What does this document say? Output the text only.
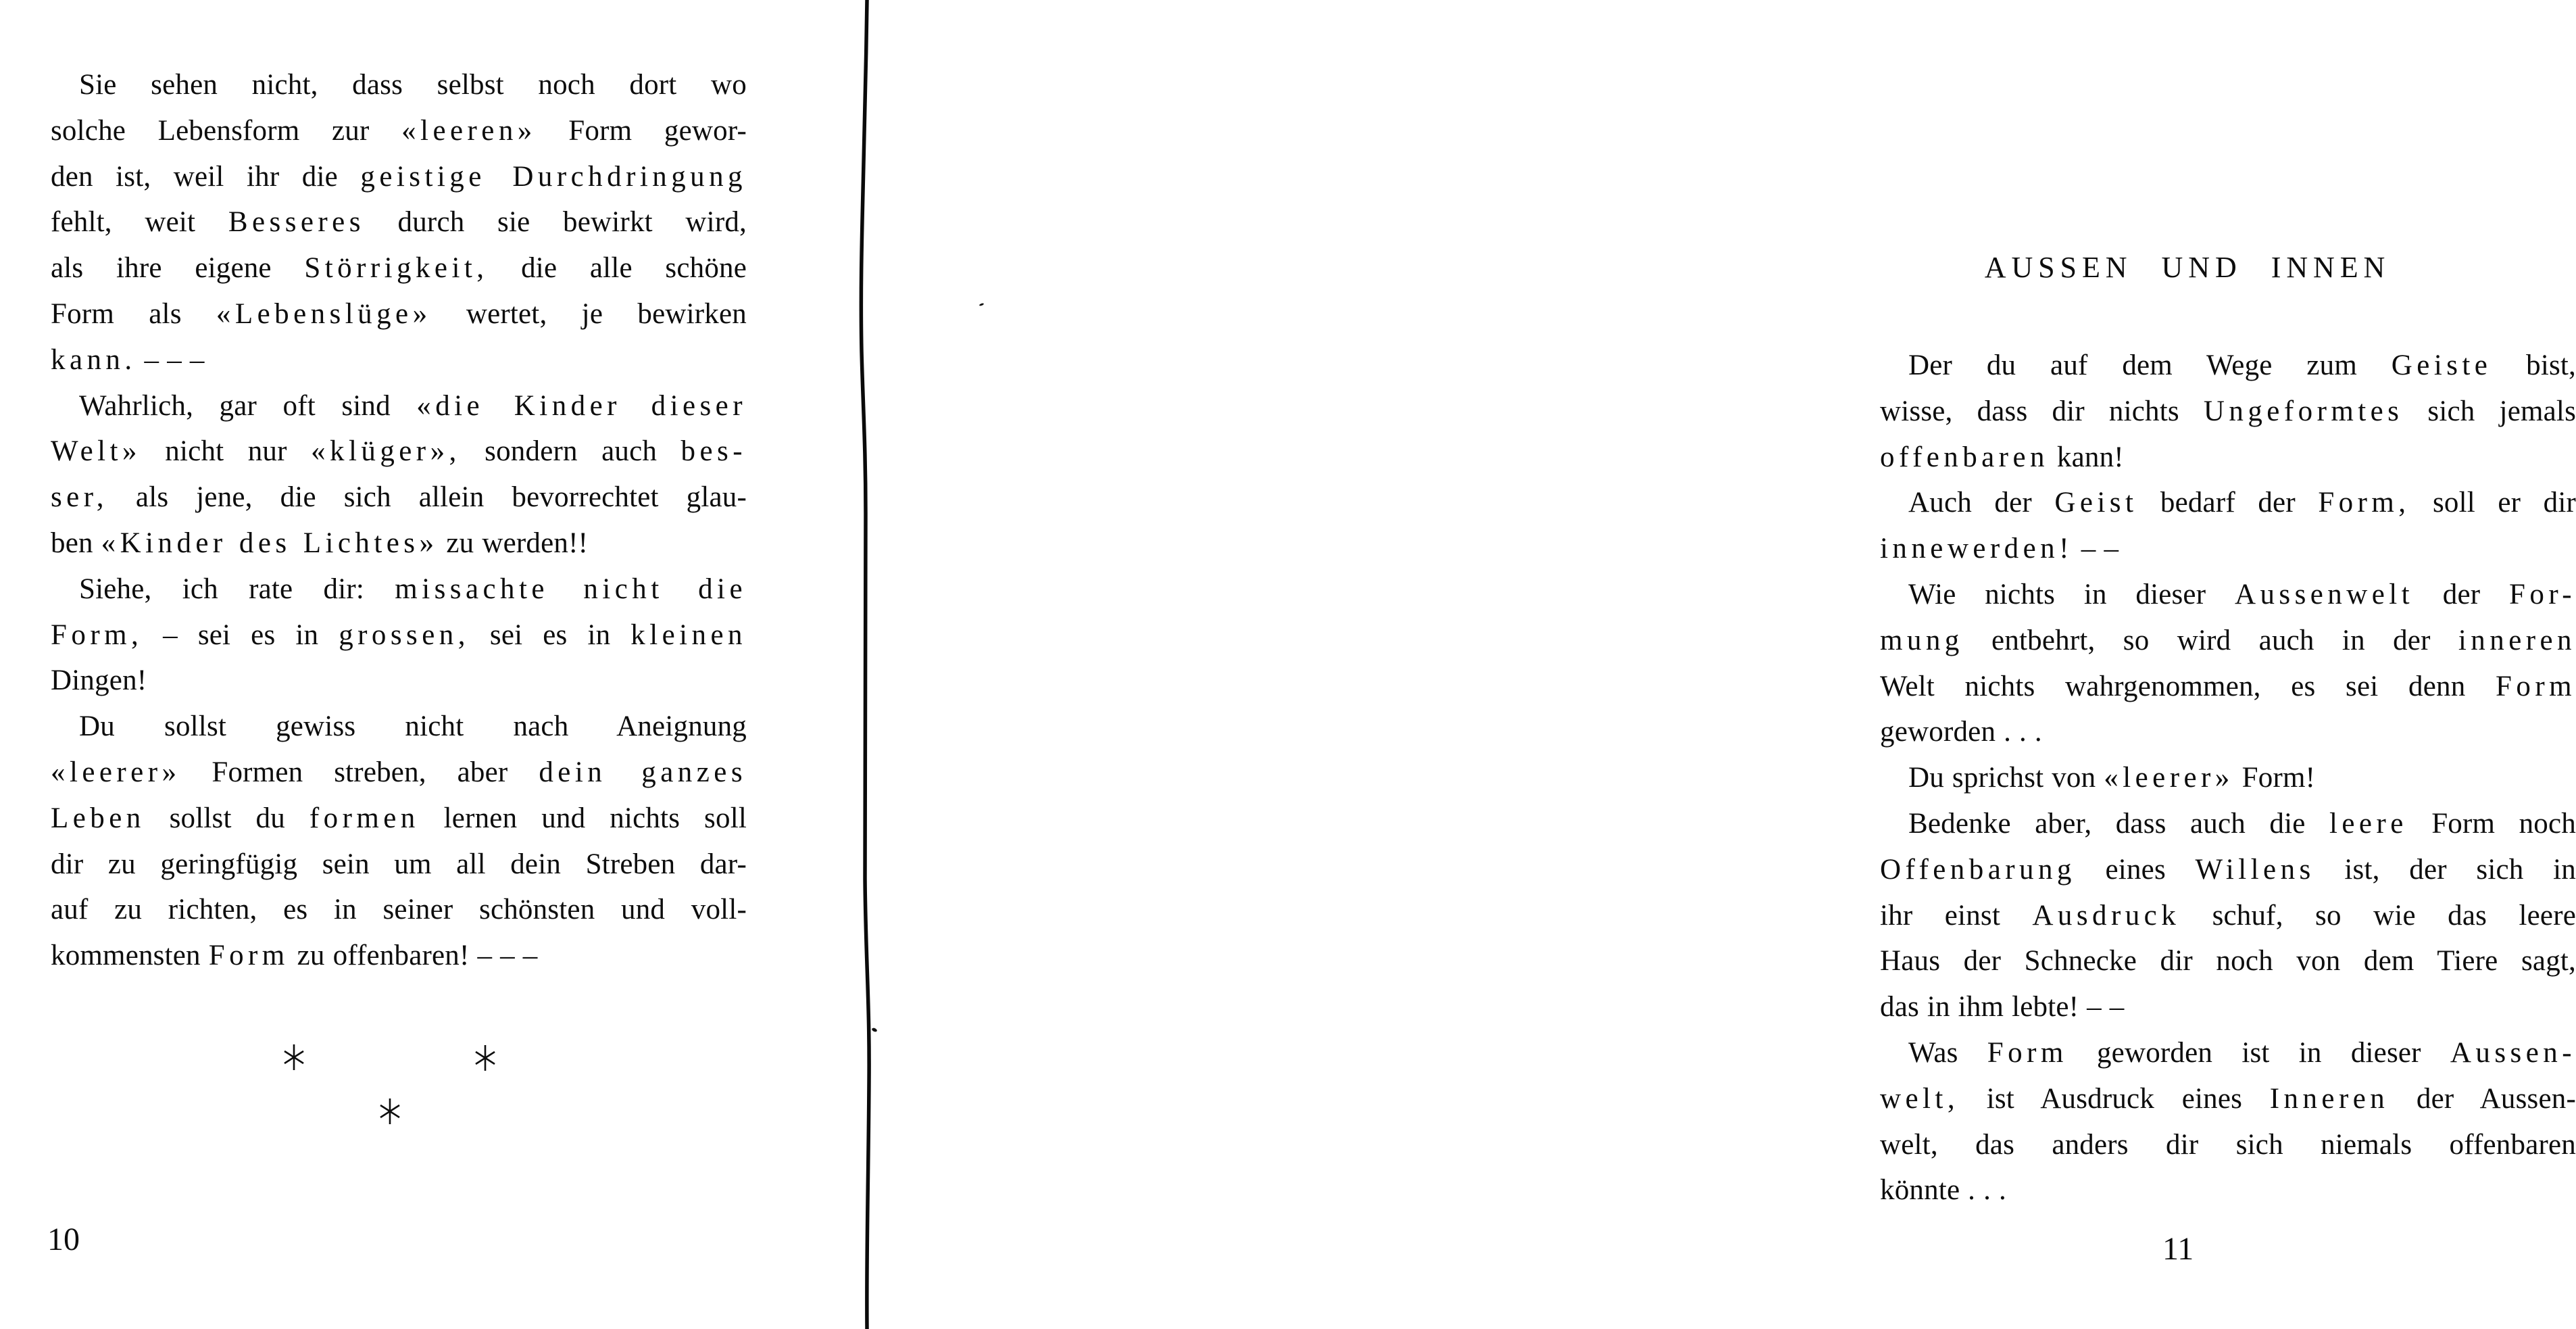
Sie sehen nicht, dass selbst noch dort wo
solche Lebensform zur «leeren» Form gewor-
den ist, weil ihr die geistige Durchdringung
fehlt, weit Besseres durch sie bewirkt wird,
als ihre eigene Störrigkeit, die alle schöne
Form als «Lebenslüge» wertet, je bewirken
kann. – – –
Wahrlich, gar oft sind «die Kinder dieser
Welt» nicht nur «klüger», sondern auch bes-
ser, als jene, die sich allein bevorrechtet glau-
ben «Kinder des Lichtes» zu werden!!
Siehe, ich rate dir: missachte nicht die
Form, – sei es in grossen, sei es in kleinen
Dingen!
Du sollst gewiss nicht nach Aneignung
«leerer» Formen streben, aber dein ganzes
Leben sollst du formen lernen und nichts soll
dir zu geringfügig sein um all dein Streben dar-
auf zu richten, es in seiner schönsten und voll-
kommensten Form zu offenbaren! – – –
10
AUSSEN UND INNEN
Der du auf dem Wege zum Geiste bist,
wisse, dass dir nichts Ungeformtes sich jemals
offenbaren kann!
Auch der Geist bedarf der Form, soll er dir
innewerden! – –
Wie nichts in dieser Aussenwelt der For-
mung entbehrt, so wird auch in der inneren
Welt nichts wahrgenommen, es sei denn Form
geworden . . .
Du sprichst von «leerer» Form!
Bedenke aber, dass auch die leere Form noch
Offenbarung eines Willens ist, der sich in
ihr einst Ausdruck schuf, so wie das leere
Haus der Schnecke dir noch von dem Tiere sagt,
das in ihm lebte! – –
Was Form geworden ist in dieser Aussen-
welt, ist Ausdruck eines Inneren der Aussen-
welt, das anders dir sich niemals offenbaren
könnte . . .
11
